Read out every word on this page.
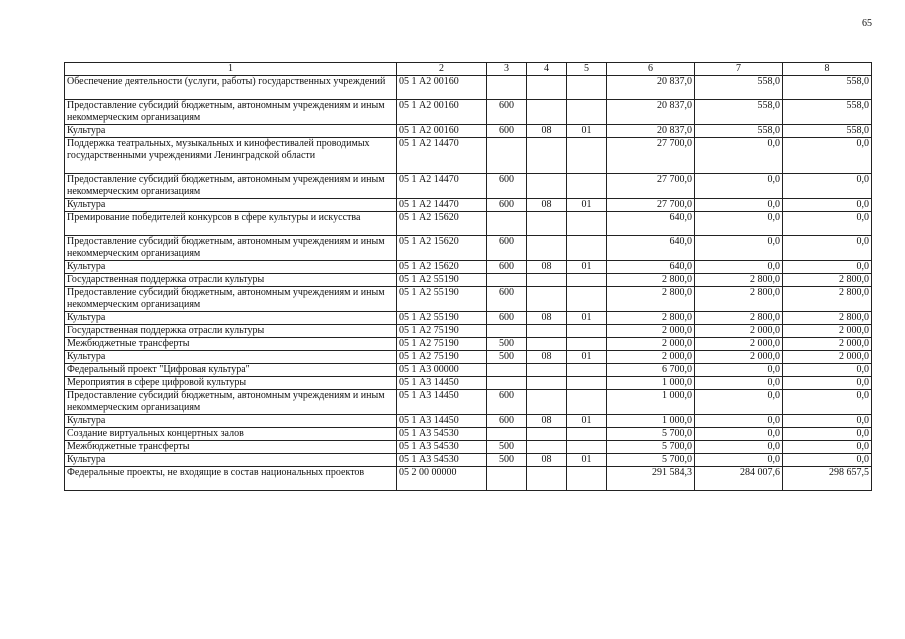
65
1	2	3	4	5	6	7	8
Обеспечение деятельности (услуги, работы) государственных учреждений	05 1 А2 00160				20 837,0	558,0	558,0
Предоставление субсидий бюджетным, автономным учреждениям и иным некоммерческим организациям	05 1 А2 00160	600			20 837,0	558,0	558,0
Культура	05 1 А2 00160	600	08	01	20 837,0	558,0	558,0
Поддержка театральных, музыкальных и кинофестивалей проводимых государственными учреждениями Ленинградской области	05 1 А2 14470				27 700,0	0,0	0,0
Предоставление субсидий бюджетным, автономным учреждениям и иным некоммерческим организациям	05 1 А2 14470	600			27 700,0	0,0	0,0
Культура	05 1 А2 14470	600	08	01	27 700,0	0,0	0,0
Премирование победителей конкурсов в сфере культуры и искусства	05 1 А2 15620				640,0	0,0	0,0
Предоставление субсидий бюджетным, автономным учреждениям и иным некоммерческим организациям	05 1 А2 15620	600			640,0	0,0	0,0
Культура	05 1 А2 15620	600	08	01	640,0	0,0	0,0
Государственная поддержка отрасли культуры	05 1 А2 55190				2 800,0	2 800,0	2 800,0
Предоставление субсидий бюджетным, автономным учреждениям и иным некоммерческим организациям	05 1 А2 55190	600			2 800,0	2 800,0	2 800,0
Культура	05 1 А2 55190	600	08	01	2 800,0	2 800,0	2 800,0
Государственная поддержка отрасли культуры	05 1 А2 75190				2 000,0	2 000,0	2 000,0
Межбюджетные трансферты	05 1 А2 75190	500			2 000,0	2 000,0	2 000,0
Культура	05 1 А2 75190	500	08	01	2 000,0	2 000,0	2 000,0
Федеральный проект "Цифровая культура"	05 1 А3 00000				6 700,0	0,0	0,0
Мероприятия в сфере цифровой культуры	05 1 А3 14450				1 000,0	0,0	0,0
Предоставление субсидий бюджетным, автономным учреждениям и иным некоммерческим организациям	05 1 А3 14450	600			1 000,0	0,0	0,0
Культура	05 1 А3 14450	600	08	01	1 000,0	0,0	0,0
Создание виртуальных концертных залов	05 1 А3 54530				5 700,0	0,0	0,0
Межбюджетные трансферты	05 1 А3 54530	500			5 700,0	0,0	0,0
Культура	05 1 А3 54530	500	08	01	5 700,0	0,0	0,0
Федеральные проекты, не входящие в состав национальных проектов	05 2 00 00000				291 584,3	284 007,6	298 657,5
